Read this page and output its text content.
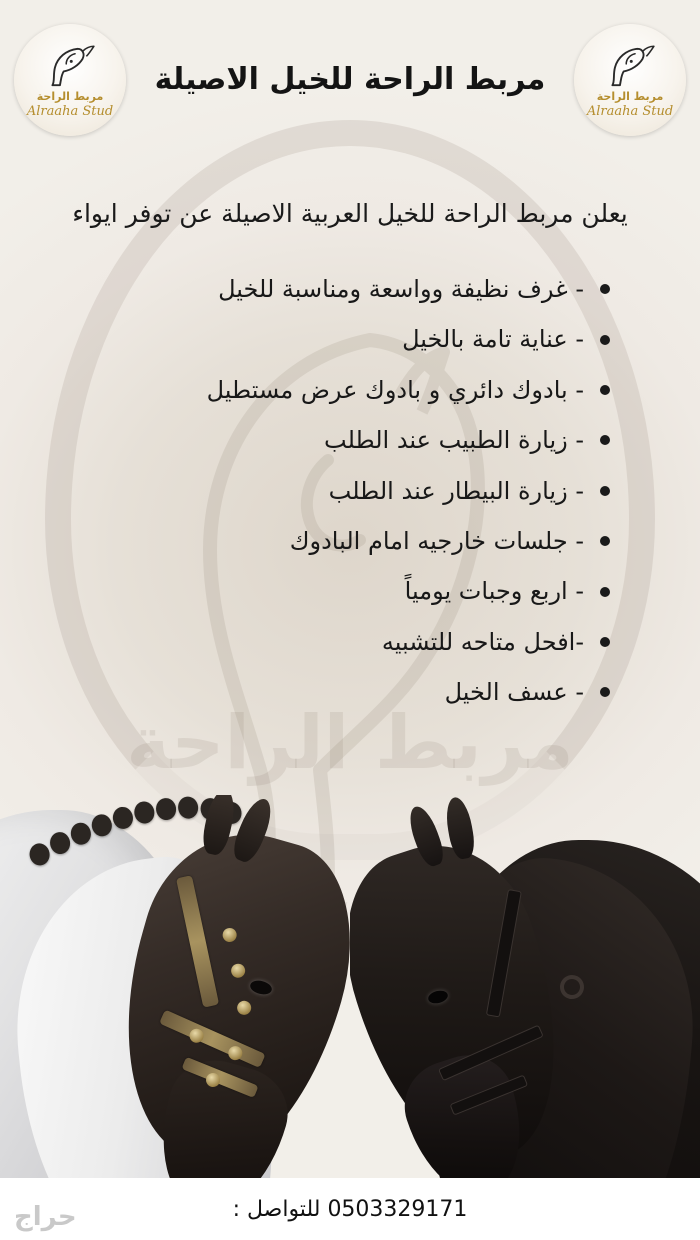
مربط الراحة
مربط الراحة
Alraaha Stud
مربط الراحة للخيل الاصيلة
مربط الراحة
Alraaha Stud
يعلن مربط الراحة للخيل العربية الاصيلة عن توفر ايواء
- غرف نظيفة وواسعة ومناسبة للخيل
- عناية تامة بالخيل
- بادوك دائري و بادوك عرض مستطيل
- زيارة الطبيب عند الطلب
- زيارة البيطار عند الطلب
- جلسات خارجيه امام البادوك
- اربع وجبات يومياً
-افحل متاحه للتشبيه
- عسف الخيل
0503329171 للتواصل :
حراج
